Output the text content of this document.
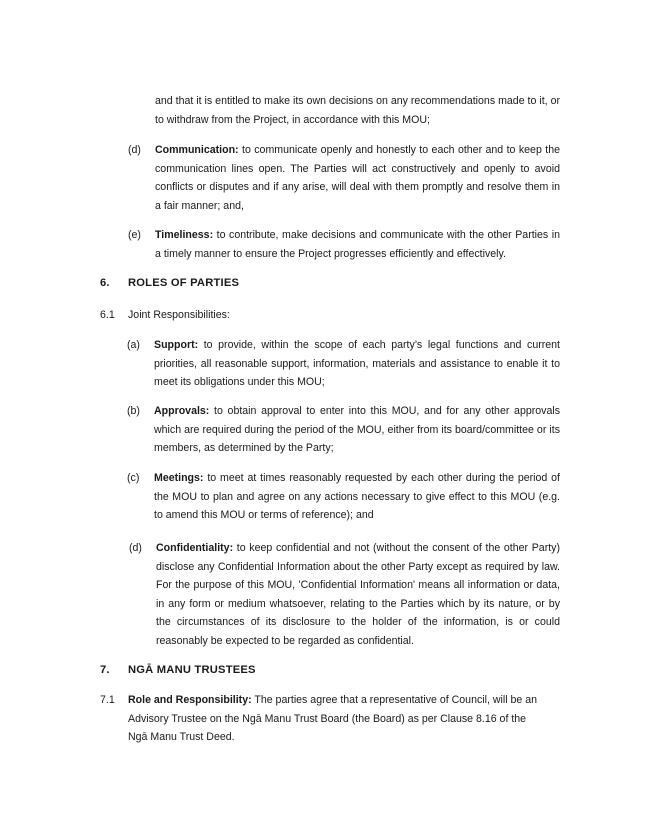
and that it is entitled to make its own decisions on any recommendations made to it, or to withdraw from the Project, in accordance with this MOU;
(d) Communication: to communicate openly and honestly to each other and to keep the communication lines open. The Parties will act constructively and openly to avoid conflicts or disputes and if any arise, will deal with them promptly and resolve them in a fair manner; and,
(e) Timeliness: to contribute, make decisions and communicate with the other Parties in a timely manner to ensure the Project progresses efficiently and effectively.
6. ROLES OF PARTIES
6.1 Joint Responsibilities:
(a) Support: to provide, within the scope of each party’s legal functions and current priorities, all reasonable support, information, materials and assistance to enable it to meet its obligations under this MOU;
(b) Approvals: to obtain approval to enter into this MOU, and for any other approvals which are required during the period of the MOU, either from its board/committee or its members, as determined by the Party;
(c) Meetings: to meet at times reasonably requested by each other during the period of the MOU to plan and agree on any actions necessary to give effect to this MOU (e.g. to amend this MOU or terms of reference); and
(d) Confidentiality: to keep confidential and not (without the consent of the other Party) disclose any Confidential Information about the other Party except as required by law. For the purpose of this MOU, 'Confidential Information' means all information or data, in any form or medium whatsoever, relating to the Parties which by its nature, or by the circumstances of its disclosure to the holder of the information, is or could reasonably be expected to be regarded as confidential.
7. NGĀ MANU TRUSTEES
7.1 Role and Responsibility: The parties agree that a representative of Council, will be an Advisory Trustee on the Ngā Manu Trust Board (the Board) as per Clause 8.16 of the Ngā Manu Trust Deed.
